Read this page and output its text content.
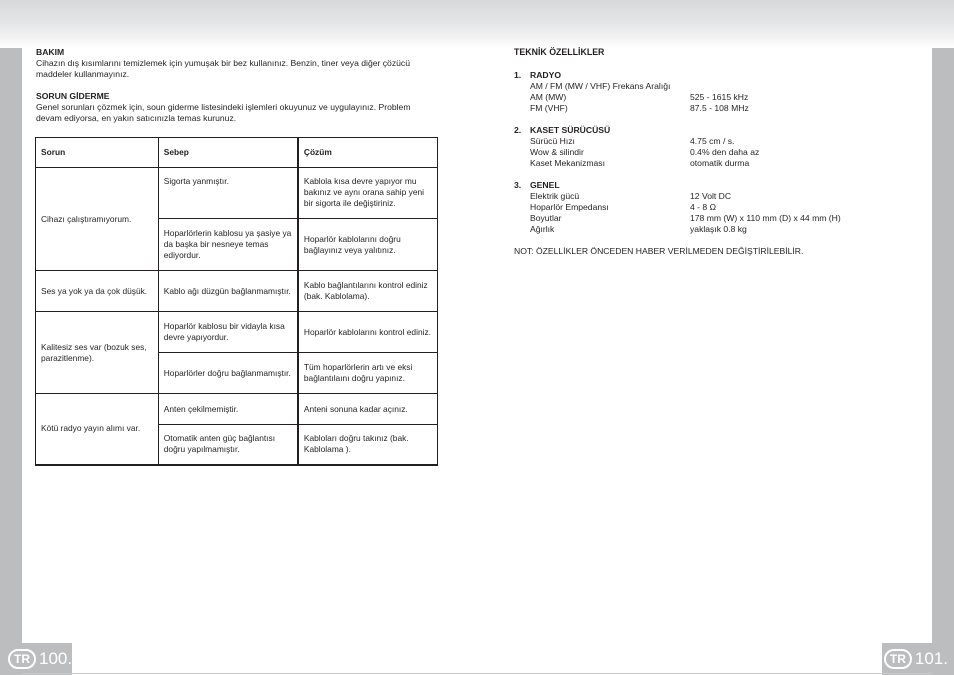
BAKIM
Cihazın dış kısımlarını temizlemek için yumuşak bir bez kullanınız. Benzin, tiner veya diğer çözücü maddeler kullanmayınız.
SORUN GİDERME
Genel sorunları çözmek için, soun giderme listesindeki işlemleri okuyunuz ve uygulayınız. Problem devam ediyorsa, en yakın satıcınızla temas kurunuz.
Sorun	Sebep	Çözüm
Cihazı çalıştıramıyorum.	Sigorta yanmıştır.	Kablola kısa devre yapıyor mu bakınız ve aynı orana sahip yeni bir sigorta ile değiştiriniz.
	Hoparlörlerin kablosu ya şasiye ya da başka bir nesneye temas ediyordur.	Hoparlör kablolarını doğru bağlayınız veya yalıtınız.
Ses ya yok ya da çok düşük.	Kablo ağı düzgün bağlanmamıştır.	Kablo bağlantılarını kontrol ediniz (bak. Kablolama).
Kalitesiz ses var (bozuk ses, parazitlenme).	Hoparlör kablosu bir vidayla kısa devre yapıyordur.	Hoparlör kablolarını kontrol ediniz.
	Hoparlörler doğru bağlanmamıştır.	Tüm hoparlörlerin artı ve eksi bağlantılaını doğru yapınız.
Kötü radyo yayın alımı var.	Anten çekilmemiştir.	Anteni sonuna kadar açınız.
	Otomatik anten güç bağlantısı doğru yapılmamıştır.	Kabloları doğru takınız (bak. Kablolama ).
TEKNİK ÖZELLİKLER
1.	RADYO
AM / FM (MW / VHF) Frekans Aralığı
AM (MW)	525 - 1615 kHz
FM (VHF)	87.5 - 108 MHz
2.	KASET SÜRÜCÜSÜ
Sürücü Hızı	4.75 cm / s.
Wow & silindir	0.4% den daha az
Kaset Mekanizması	otomatik durma
3.	GENEL
Elektrik gücü	12 Volt DC
Hoparlör Empedansı	4 - 8 Ω
Boyutlar	178 mm (W) x 110 mm (D) x 44 mm (H)
Ağırlık	yaklaşık 0.8 kg
NOT: ÖZELLİKLER ÖNCEDEN HABER VERİLMEDEN DEĞİŞTİRİLEBİLİR.
TR 100.	TR 101.
